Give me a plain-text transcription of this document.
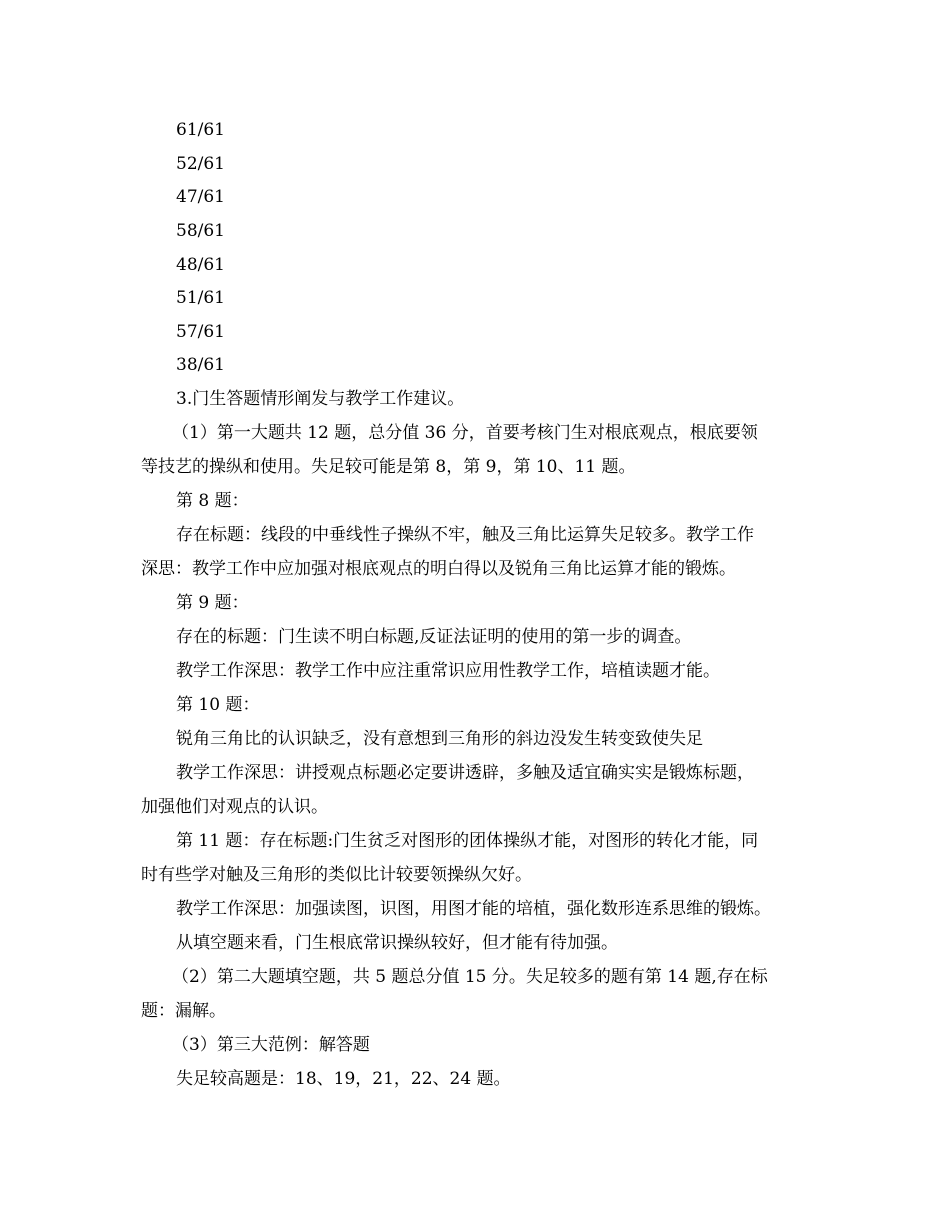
61/61
52/61
47/61
58/61
48/61
51/61
57/61
38/61
3.门生答题情形阐发与教学工作建议。
（1）第一大题共 12 题，总分值 36 分，首要考核门生对根底观点，根底要领
等技艺的操纵和使用。失足较可能是第 8，第 9，第 10、11 题。
第 8 题：
存在标题：线段的中垂线性子操纵不牢，触及三角比运算失足较多。教学工作
深思：教学工作中应加强对根底观点的明白得以及锐角三角比运算才能的锻炼。
第 9 题：
存在的标题：门生读不明白标题,反证法证明的使用的第一步的调查。
教学工作深思：教学工作中应注重常识应用性教学工作，培植读题才能。
第 10 题：
锐角三角比的认识缺乏，没有意想到三角形的斜边没发生转变致使失足
教学工作深思：讲授观点标题必定要讲透辟，多触及适宜确实实是锻炼标题，
加强他们对观点的认识。
第 11 题：存在标题:门生贫乏对图形的团体操纵才能，对图形的转化才能，同
时有些学对触及三角形的类似比计较要领操纵欠好。
教学工作深思：加强读图，识图，用图才能的培植，强化数形连系思维的锻炼。
从填空题来看，门生根底常识操纵较好，但才能有待加强。
（2）第二大题填空题，共 5 题总分值 15 分。失足较多的题有第 14 题,存在标
题：漏解。
（3）第三大范例：解答题
失足较高题是：18、19，21，22、24 题。
